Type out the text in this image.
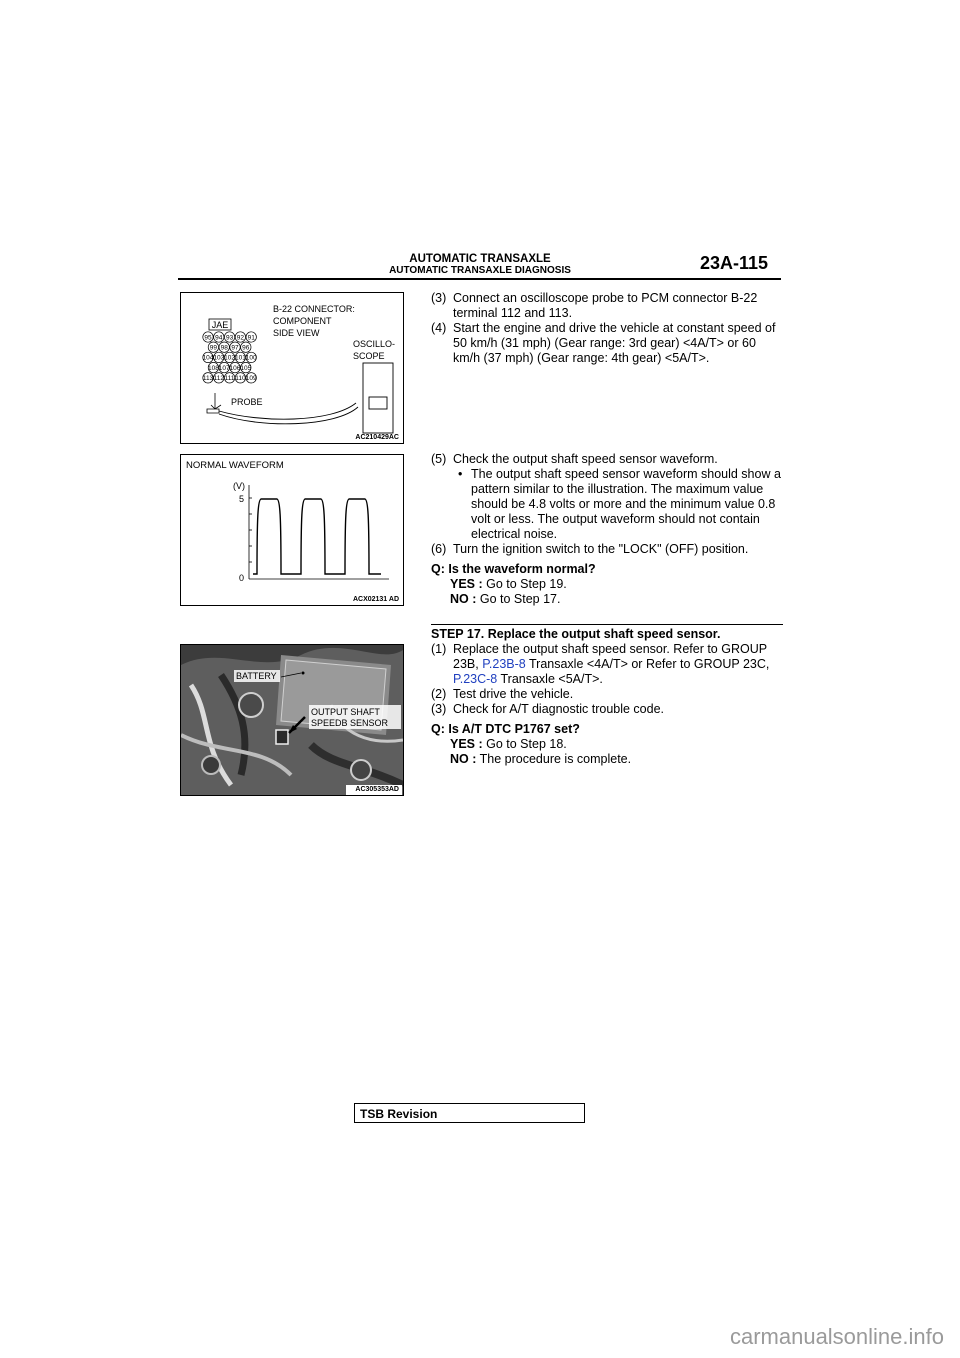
AUTOMATIC TRANSAXLE
AUTOMATIC TRANSAXLE DIAGNOSIS	23A-115
JAE
95 94 93 92 91
99 98 97 96
104 103 102 101 100
108 107 106 105
113 112 111 110 109
B-22 CONNECTOR:
COMPONENT
SIDE VIEW
OSCILLO-
SCOPE
PROBE
AC210429AC
NORMAL WAVEFORM
(V)
5
0
ACX02131 AD
BATTERY
OUTPUT SHAFT
SPEEDB SENSOR
AC305353AD
(3) Connect an oscilloscope probe to PCM connector B-22 terminal 112 and 113.
(4) Start the engine and drive the vehicle at constant speed of 50 km/h (31 mph) (Gear range: 3rd gear) <4A/T> or 60 km/h (37 mph) (Gear range: 4th gear) <5A/T>.
(5) Check the output shaft speed sensor waveform.
• The output shaft speed sensor waveform should show a pattern similar to the illustration. The maximum value should be 4.8 volts or more and the minimum value 0.8 volt or less. The output waveform should not contain electrical noise.
(6) Turn the ignition switch to the "LOCK" (OFF) position.
Q: Is the waveform normal?
YES : Go to Step 19.
NO : Go to Step 17.
STEP 17. Replace the output shaft speed sensor.
(1) Replace the output shaft speed sensor. Refer to GROUP 23B, P.23B-8 Transaxle <4A/T> or Refer to GROUP 23C, P.23C-8 Transaxle <5A/T>.
(2) Test drive the vehicle.
(3) Check for A/T diagnostic trouble code.
Q: Is A/T DTC P1767 set?
YES : Go to Step 18.
NO : The procedure is complete.
TSB Revision
carmanualsonline.info
